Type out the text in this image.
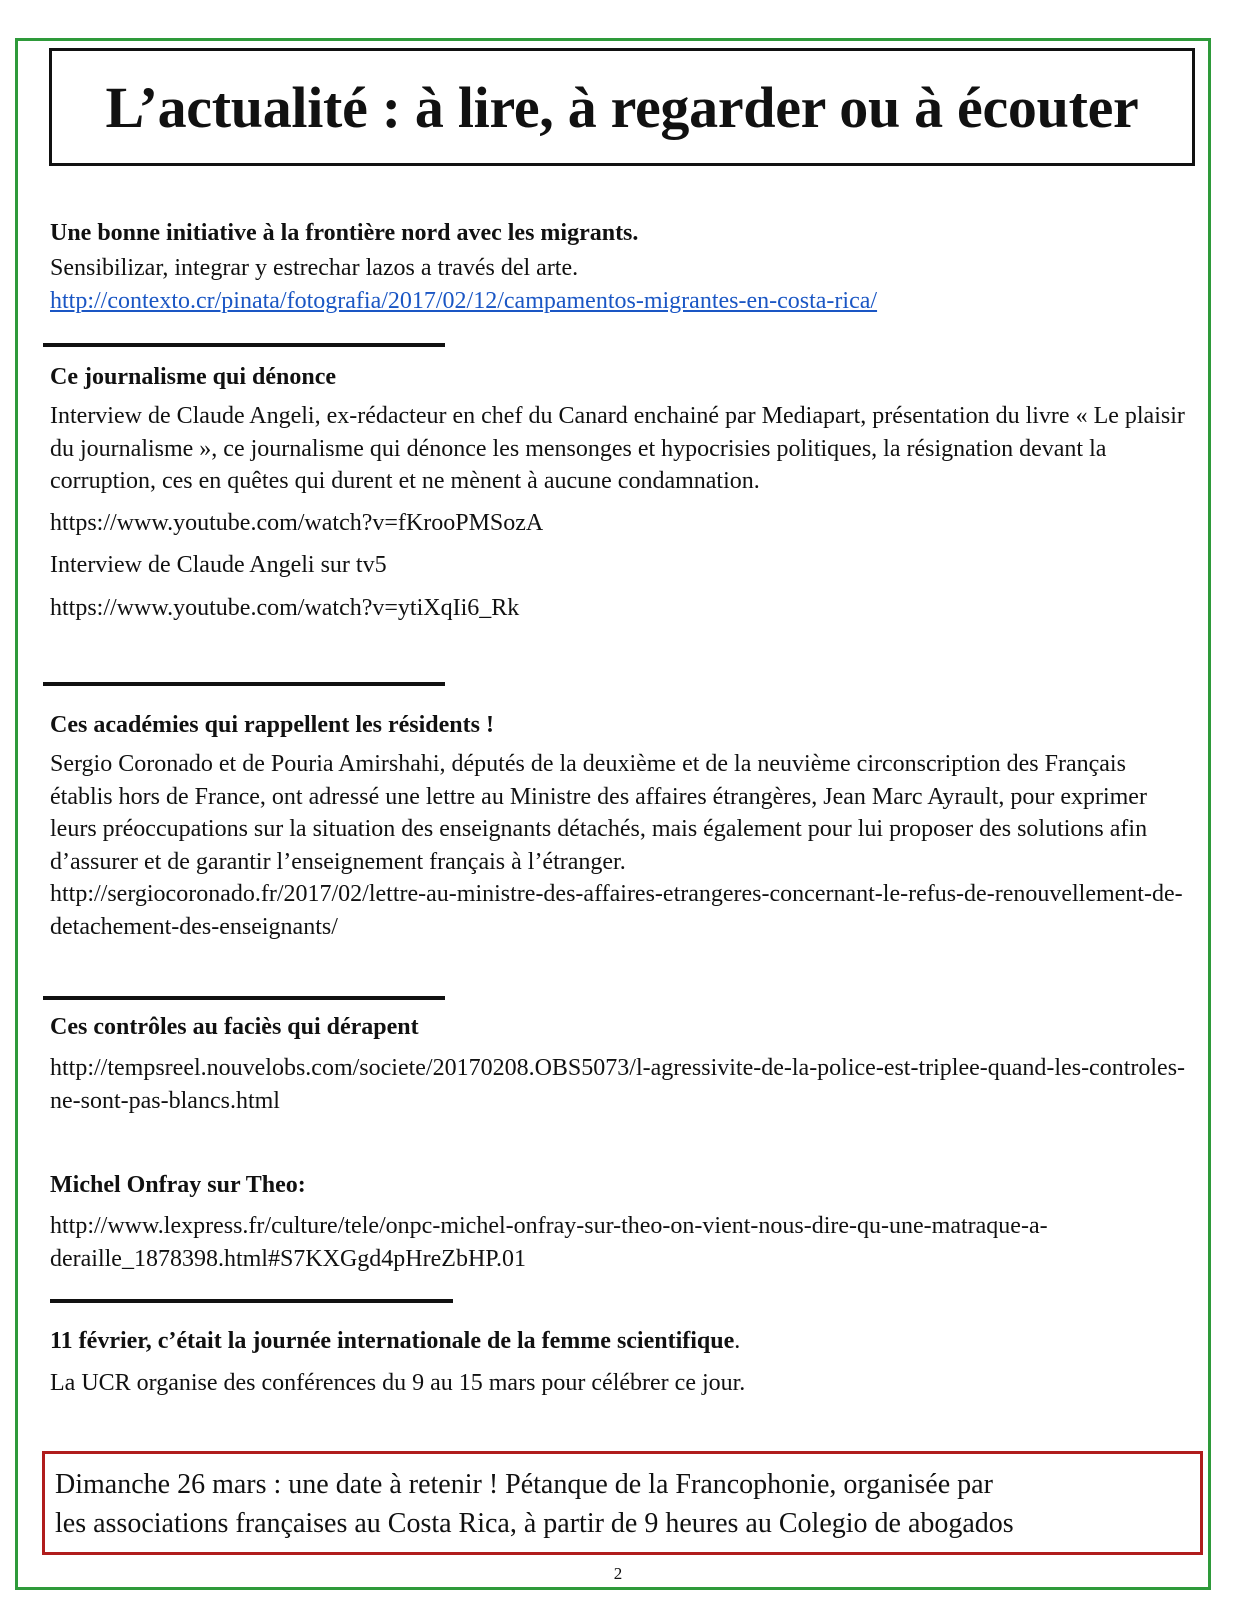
L’actualité : à lire, à regarder ou à écouter

Une bonne initiative à la frontière nord avec les migrants.

Sensibilizar, integrar y estrechar lazos a través del arte.

http://contexto.cr/pinata/fotografia/2017/02/12/campamentos-migrantes-en-costa-rica/

Ce journalisme qui dénonce

Interview de Claude Angeli, ex-rédacteur en chef du Canard enchainé par Mediapart, présentation du livre « Le plaisir du journalisme », ce journalisme qui dénonce les mensonges et hypocrisies politiques, la résignation devant la corruption, ces en quêtes qui durent et ne mènent à aucune condamnation.

https://www.youtube.com/watch?v=fKrooPMSozA

Interview de Claude Angeli sur tv5

https://www.youtube.com/watch?v=ytiXqIi6_Rk

Ces académies qui rappellent les résidents !

Sergio Coronado et de Pouria Amirshahi, députés de la deuxième et de la neuvième circonscription des Français établis hors de France, ont adressé une lettre au Ministre des affaires étrangères, Jean Marc Ayrault, pour exprimer leurs préoccupations sur la situation des enseignants détachés, mais également pour lui proposer des solutions afin d’assurer et de garantir l’enseignement français à l’étranger.

http://sergiocoronado.fr/2017/02/lettre-au-ministre-des-affaires-etrangeres-concernant-le-refus-de-renouvellement-de-detachement-des-enseignants/

Ces contrôles au faciès qui dérapent

http://tempsreel.nouvelobs.com/societe/20170208.OBS5073/l-agressivite-de-la-police-est-triplee-quand-les-controles-ne-sont-pas-blancs.html

Michel Onfray sur Theo:

http://www.lexpress.fr/culture/tele/onpc-michel-onfray-sur-theo-on-vient-nous-dire-qu-une-matraque-a-deraille_1878398.html#S7KXGgd4pHreZbHP.01

11 février, c’était la journée internationale de la femme scientifique.

La UCR organise des conférences du 9 au 15 mars pour célébrer ce jour.

Dimanche 26 mars : une date à retenir ! Pétanque de la Francophonie, organisée par
les associations françaises au Costa Rica, à partir de 9 heures au Colegio de abogados
2
